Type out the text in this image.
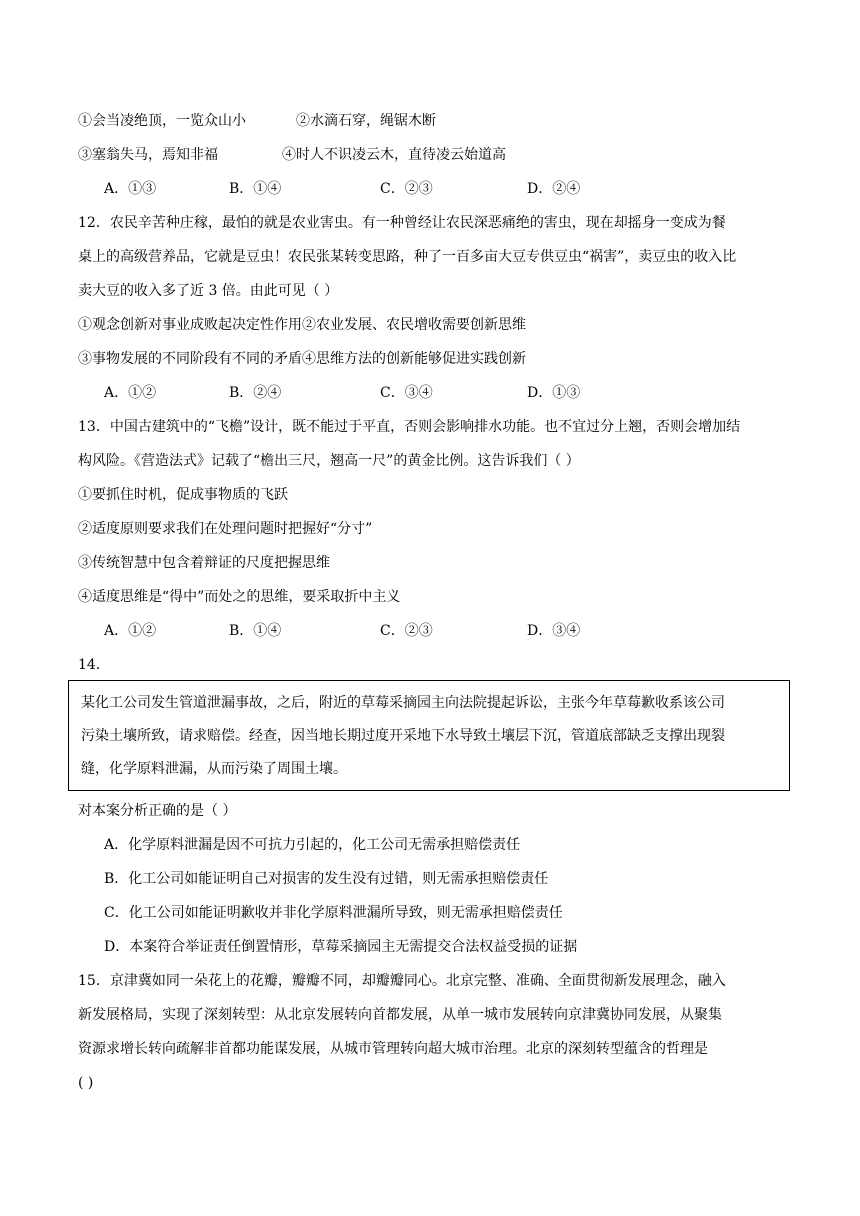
①会当凌绝顶，一览众山小	②水滴石穿，绳锯木断
③塞翁失马，焉知非福	④时人不识凌云木，直待凌云始道高
A．①③	B．①④	C．②③	D．②④
12．农民辛苦种庄稼，最怕的就是农业害虫。有一种曾经让农民深恶痛绝的害虫，现在却摇身一变成为餐
桌上的高级营养品，它就是豆虫！农民张某转变思路，种了一百多亩大豆专供豆虫“祸害”，卖豆虫的收入比
卖大豆的收入多了近 3 倍。由此可见（ ）
①观念创新对事业成败起决定性作用②农业发展、农民增收需要创新思维
③事物发展的不同阶段有不同的矛盾④思维方法的创新能够促进实践创新
A．①②	B．②④	C．③④	D．①③
13．中国古建筑中的“飞檐”设计，既不能过于平直，否则会影响排水功能。也不宜过分上翘，否则会增加结
构风险。《营造法式》记载了“檐出三尺，翘高一尺”的黄金比例。这告诉我们（ ）
①要抓住时机，促成事物质的飞跃
②适度原则要求我们在处理问题时把握好“分寸”
③传统智慧中包含着辩证的尺度把握思维
④适度思维是“得中”而处之的思维，要采取折中主义
A．①②	B．①④	C．②③	D．③④
14．
某化工公司发生管道泄漏事故，之后，附近的草莓采摘园主向法院提起诉讼，主张今年草莓歉收系该公司
污染土壤所致，请求赔偿。经查，因当地长期过度开采地下水导致土壤层下沉，管道底部缺乏支撑出现裂
缝，化学原料泄漏，从而污染了周围土壤。
对本案分析正确的是（ ）
A．化学原料泄漏是因不可抗力引起的，化工公司无需承担赔偿责任
B．化工公司如能证明自己对损害的发生没有过错，则无需承担赔偿责任
C．化工公司如能证明歉收并非化学原料泄漏所导致，则无需承担赔偿责任
D．本案符合举证责任倒置情形，草莓采摘园主无需提交合法权益受损的证据
15．京津冀如同一朵花上的花瓣，瓣瓣不同，却瓣瓣同心。北京完整、准确、全面贯彻新发展理念，融入
新发展格局，实现了深刻转型：从北京发展转向首都发展，从单一城市发展转向京津冀协同发展，从聚集
资源求增长转向疏解非首都功能谋发展，从城市管理转向超大城市治理。北京的深刻转型蕴含的哲理是
( )
